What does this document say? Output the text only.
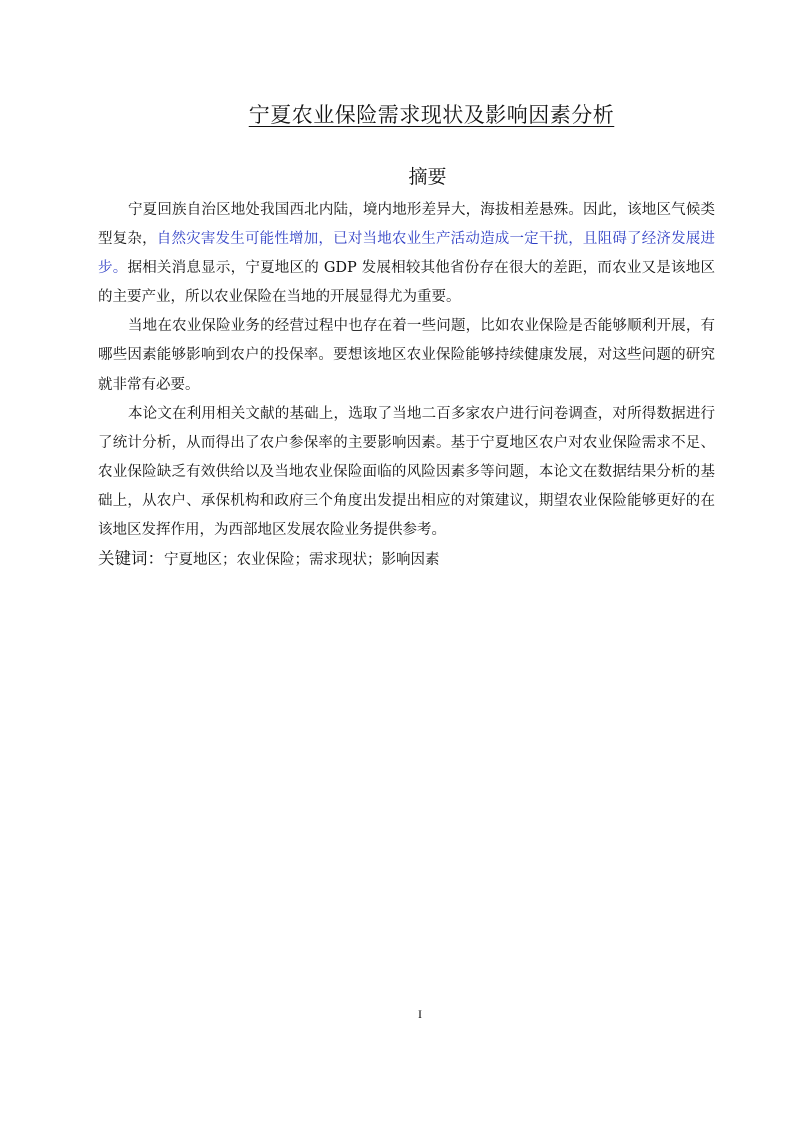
宁夏农业保险需求现状及影响因素分析
摘要

宁夏回族自治区地处我国西北内陆，境内地形差异大，海拔相差悬殊。因此，该地区气候类型复杂，自然灾害发生可能性增加，已对当地农业生产活动造成一定干扰，且阻碍了经济发展进步。据相关消息显示，宁夏地区的 GDP 发展相较其他省份存在很大的差距，而农业又是该地区的主要产业，所以农业保险在当地的开展显得尤为重要。

当地在农业保险业务的经营过程中也存在着一些问题，比如农业保险是否能够顺利开展，有哪些因素能够影响到农户的投保率。要想该地区农业保险能够持续健康发展，对这些问题的研究就非常有必要。

本论文在利用相关文献的基础上，选取了当地二百多家农户进行问卷调查，对所得数据进行了统计分析，从而得出了农户参保率的主要影响因素。基于宁夏地区农户对农业保险需求不足、农业保险缺乏有效供给以及当地农业保险面临的风险因素多等问题，本论文在数据结果分析的基础上，从农户、承保机构和政府三个角度出发提出相应的对策建议，期望农业保险能够更好的在该地区发挥作用，为西部地区发展农险业务提供参考。

关键词：宁夏地区；农业保险；需求现状；影响因素

I
